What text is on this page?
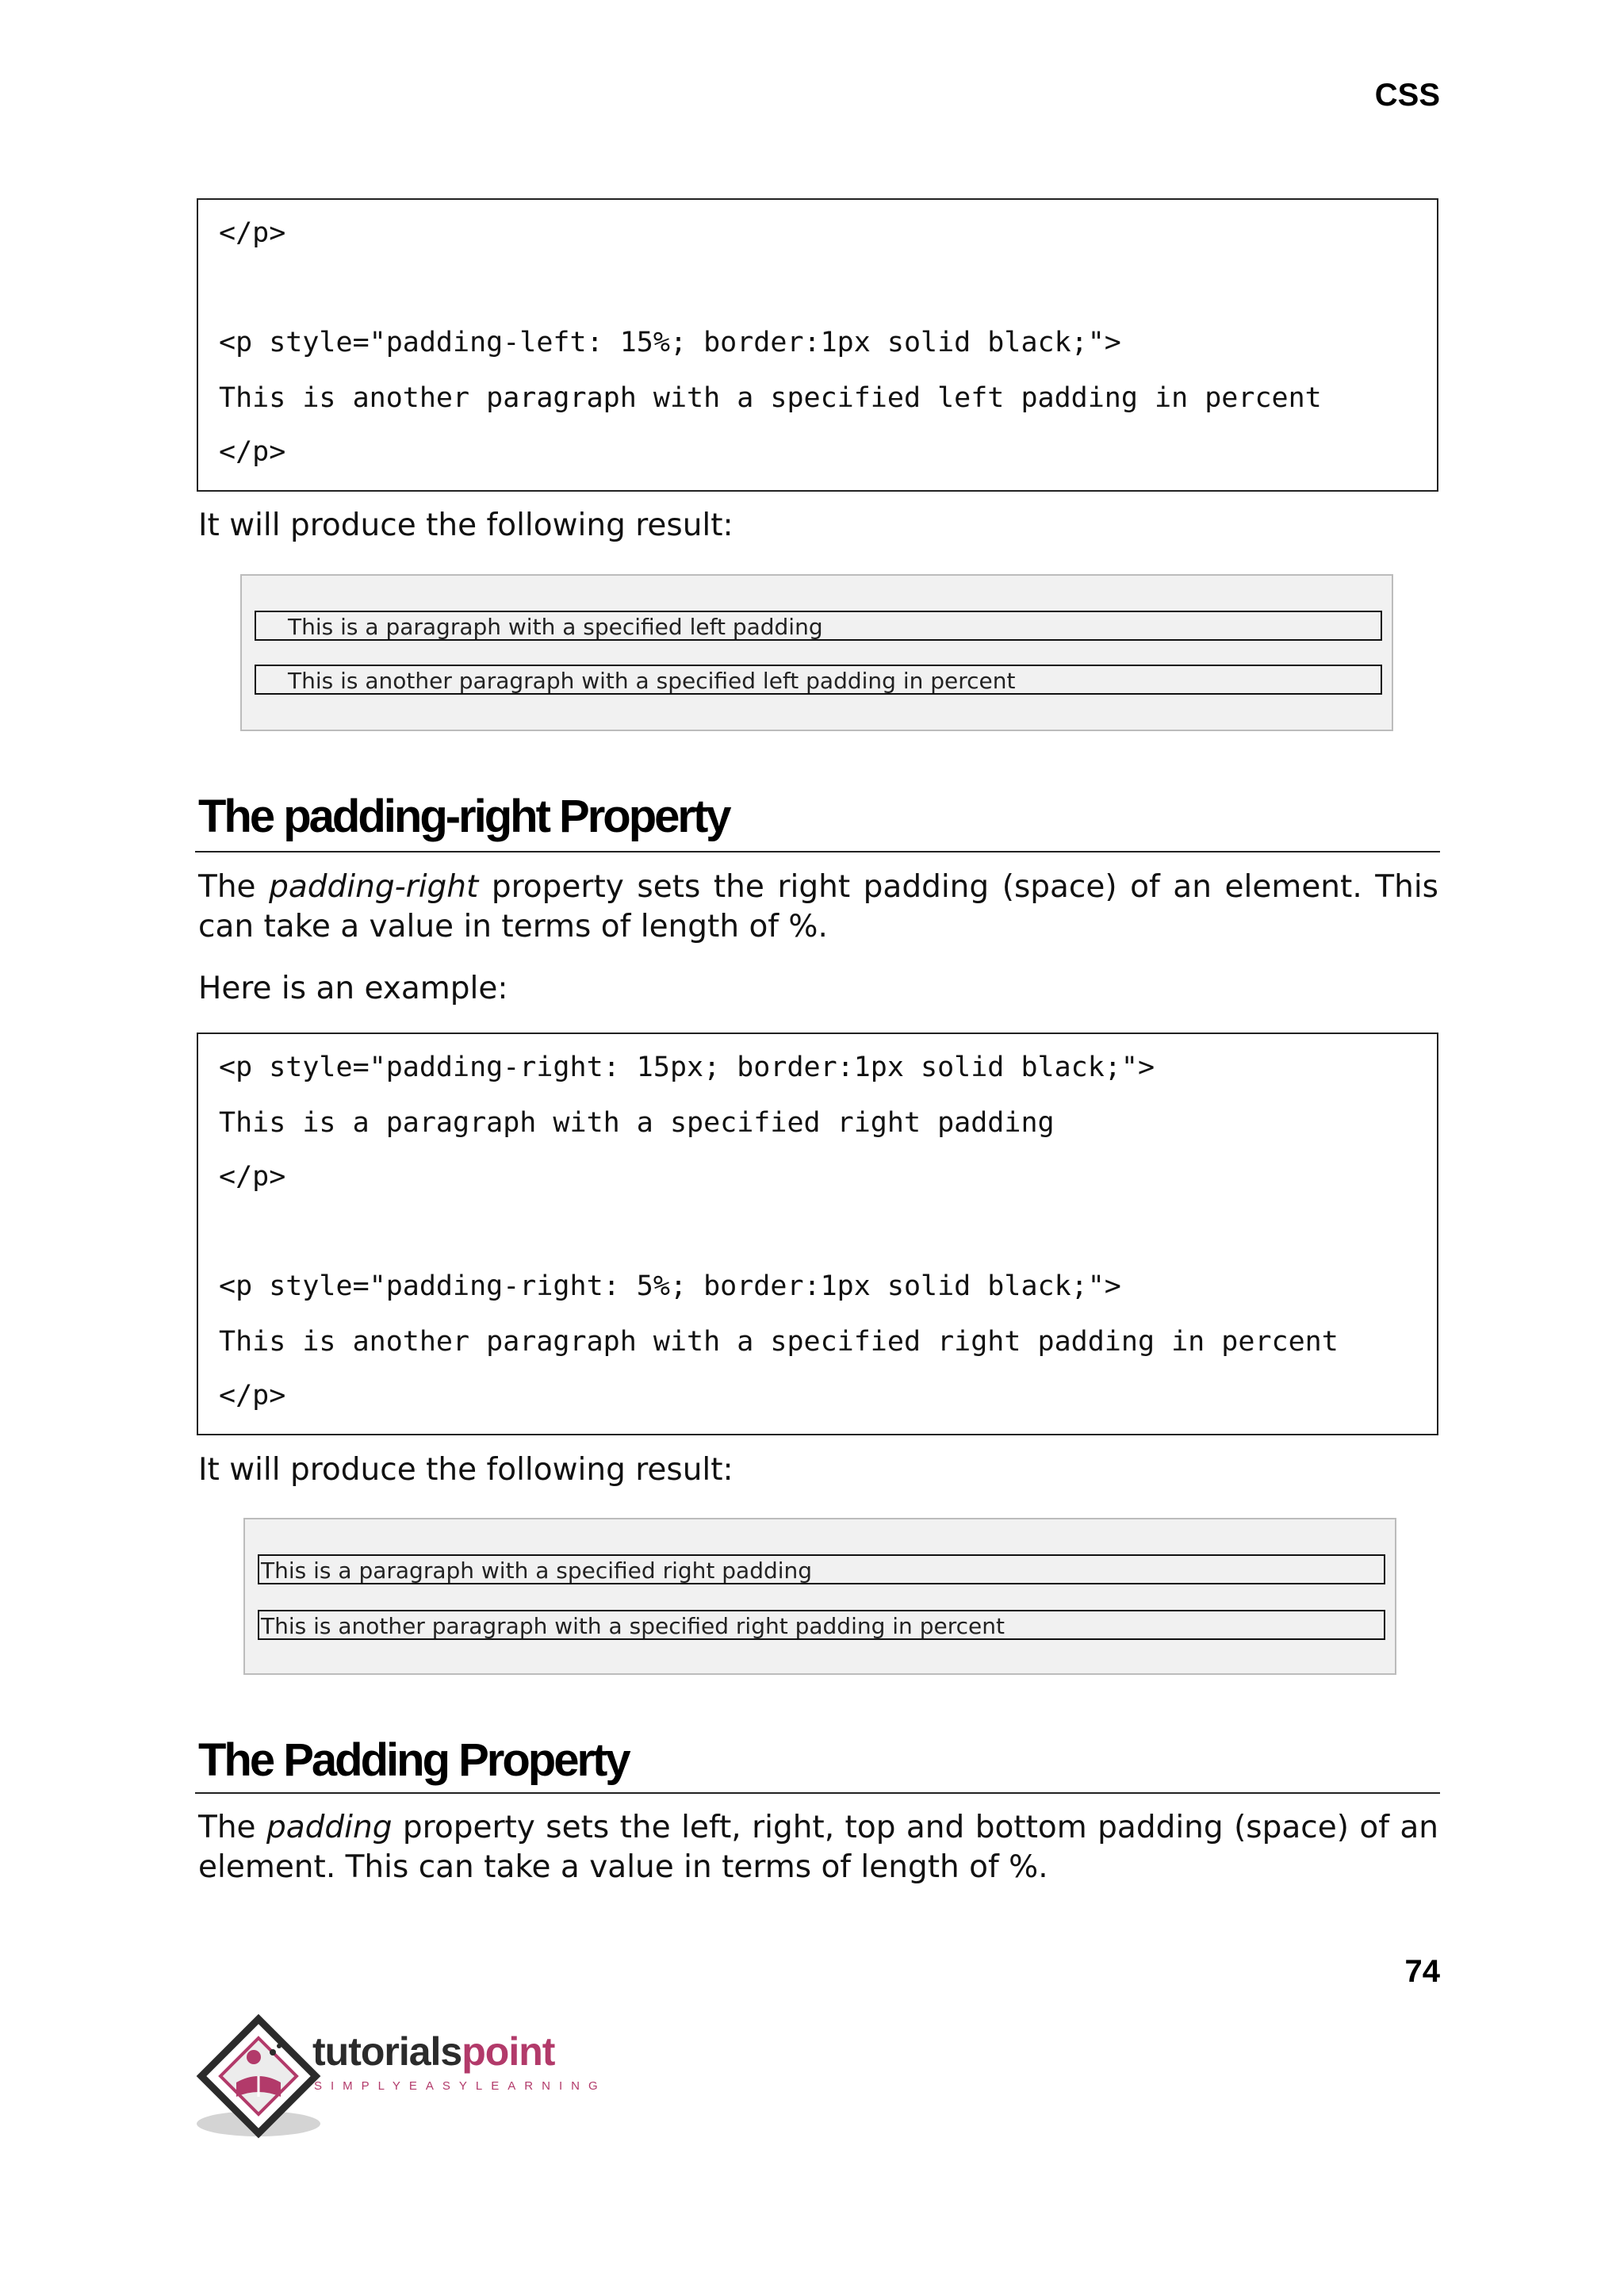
CSS
</p>
<p style="padding-left: 15%; border:1px solid black;">
This is another paragraph with a specified left padding in percent
</p>
It will produce the following result:
This is a paragraph with a specified left padding
This is another paragraph with a specified left padding in percent
The padding-right Property
The padding-right property sets the right padding (space) of an element. This can take a value in terms of length of %.
Here is an example:
<p style="padding-right: 15px; border:1px solid black;">
This is a paragraph with a specified right padding
</p>
<p style="padding-right: 5%; border:1px solid black;">
This is another paragraph with a specified right padding in percent
</p>
It will produce the following result:
This is a paragraph with a specified right padding
This is another paragraph with a specified right padding in percent
The Padding Property
The padding property sets the left, right, top and bottom padding (space) of an element. This can take a value in terms of length of %.
74
tutorialspoint
SIMPLYEASYLEARNING
